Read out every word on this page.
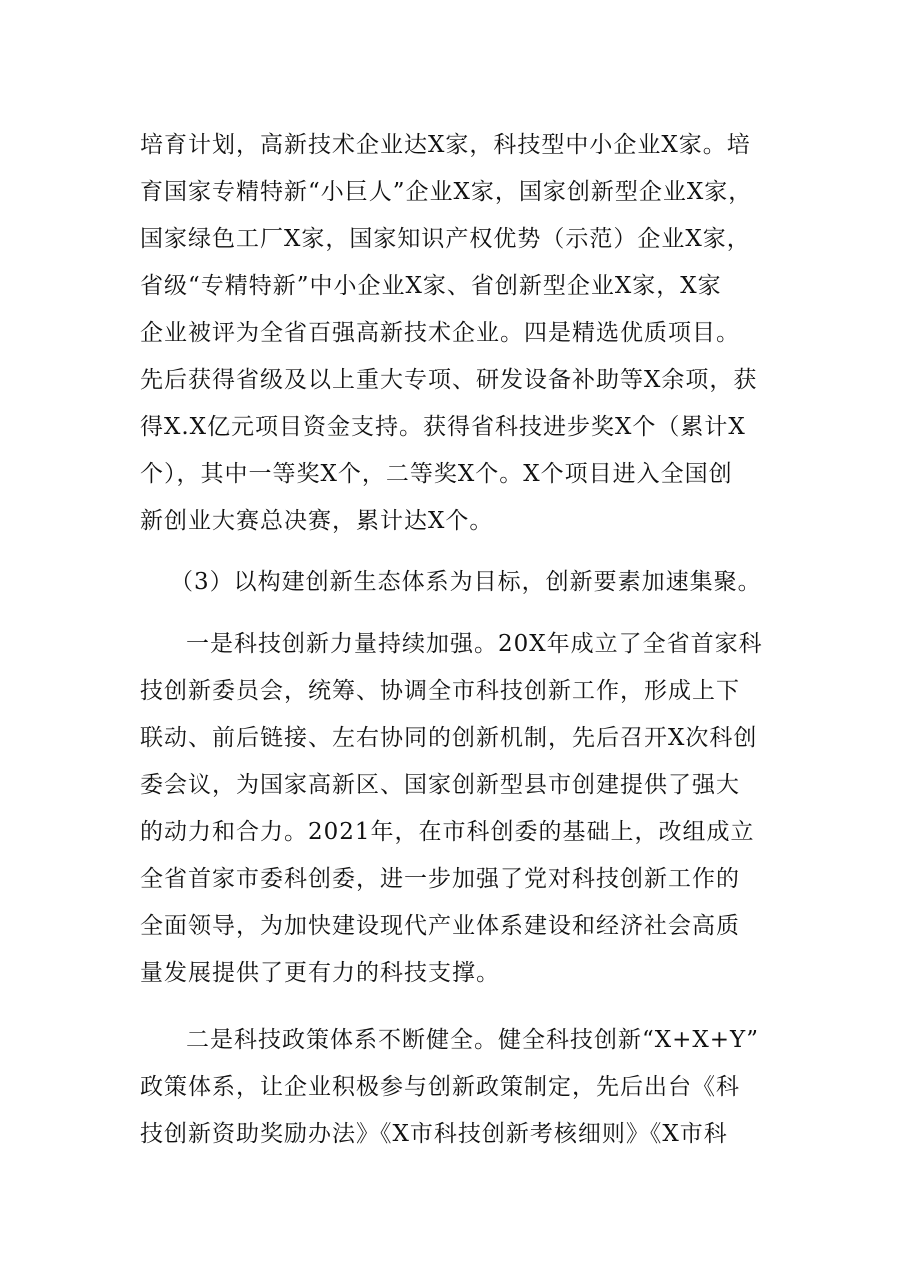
培育计划，高新技术企业达X家，科技型中小企业X家。培
育国家专精特新“小巨人”企业X家，国家创新型企业X家，
国家绿色工厂X家，国家知识产权优势（示范）企业X家，
省级“专精特新”中小企业X家、省创新型企业X家，X家
企业被评为全省百强高新技术企业。四是精选优质项目。
先后获得省级及以上重大专项、研发设备补助等X余项，获
得X.X亿元项目资金支持。获得省科技进步奖X个（累计X
个），其中一等奖X个，二等奖X个。X个项目进入全国创
新创业大赛总决赛，累计达X个。
（3）以构建创新生态体系为目标，创新要素加速集聚。
一是科技创新力量持续加强。20X年成立了全省首家科
技创新委员会，统筹、协调全市科技创新工作，形成上下
联动、前后链接、左右协同的创新机制，先后召开X次科创
委会议，为国家高新区、国家创新型县市创建提供了强大
的动力和合力。2021年，在市科创委的基础上，改组成立
全省首家市委科创委，进一步加强了党对科技创新工作的
全面领导，为加快建设现代产业体系建设和经济社会高质
量发展提供了更有力的科技支撑。
二是科技政策体系不断健全。健全科技创新“X+X+Y”
政策体系，让企业积极参与创新政策制定，先后出台《科
技创新资助奖励办法》《X市科技创新考核细则》《X市科
